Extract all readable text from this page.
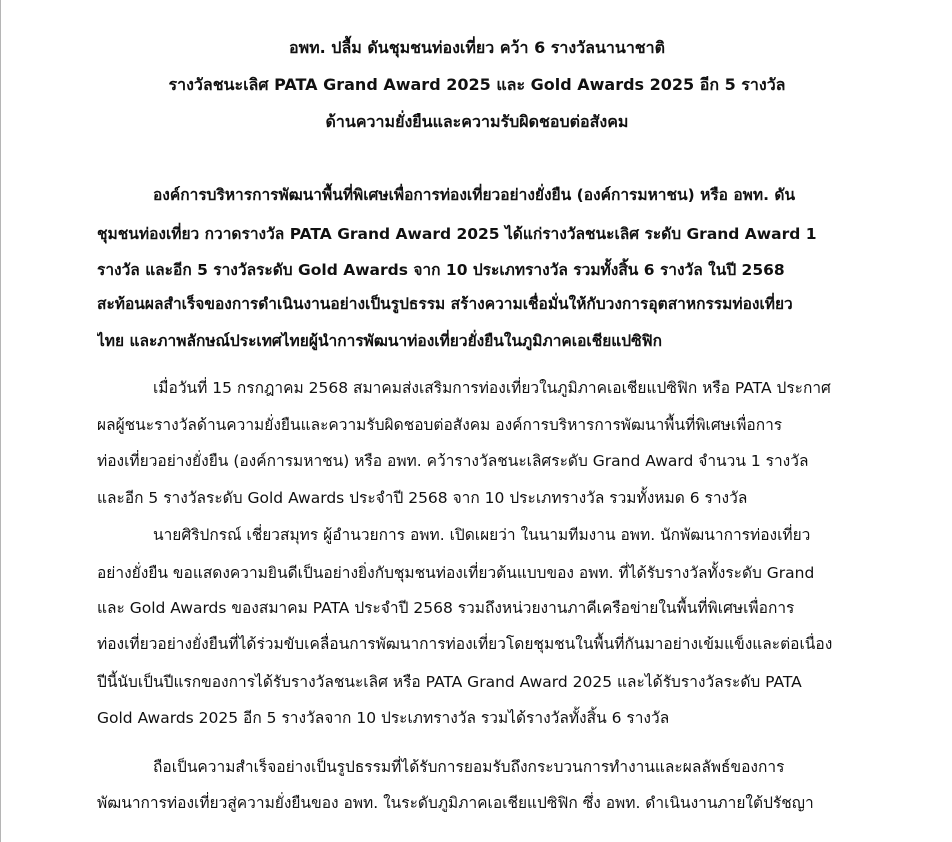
อพท. ปลื้ม ดันชุมชนท่องเที่ยว คว้า 6 รางวัลนานาชาติ
รางวัลชนะเลิศ PATA Grand Award 2025 และ Gold Awards 2025 อีก 5 รางวัล
ด้านความยั่งยืนและความรับผิดชอบต่อสังคม
องค์การบริหารการพัฒนาพื้นที่พิเศษเพื่อการท่องเที่ยวอย่างยั่งยืน (องค์การมหาชน) หรือ อพท. ดัน
ชุมชนท่องเที่ยว กวาดรางวัล PATA Grand Award 2025 ได้แก่รางวัลชนะเลิศ ระดับ Grand Award 1
รางวัล และอีก 5 รางวัลระดับ Gold Awards จาก 10 ประเภทรางวัล รวมทั้งสิ้น 6 รางวัล ในปี 2568
สะท้อนผลสำเร็จของการดำเนินงานอย่างเป็นรูปธรรม สร้างความเชื่อมั่นให้กับวงการอุตสาหกรรมท่องเที่ยว
ไทย และภาพลักษณ์ประเทศไทยผู้นำการพัฒนาท่องเที่ยวยั่งยืนในภูมิภาคเอเชียแปซิฟิก
เมื่อวันที่ 15 กรกฎาคม 2568 สมาคมส่งเสริมการท่องเที่ยวในภูมิภาคเอเชียแปซิฟิก หรือ PATA ประกาศ
ผลผู้ชนะรางวัลด้านความยั่งยืนและความรับผิดชอบต่อสังคม องค์การบริหารการพัฒนาพื้นที่พิเศษเพื่อการ
ท่องเที่ยวอย่างยั่งยืน (องค์การมหาชน) หรือ อพท. คว้ารางวัลชนะเลิศระดับ Grand Award จำนวน 1 รางวัล
และอีก 5 รางวัลระดับ Gold Awards ประจำปี 2568 จาก 10 ประเภทรางวัล รวมทั้งหมด 6 รางวัล
นายศิริปกรณ์ เชี่ยวสมุทร ผู้อำนวยการ อพท. เปิดเผยว่า ในนามทีมงาน อพท. นักพัฒนาการท่องเที่ยว
อย่างยั่งยืน ขอแสดงความยินดีเป็นอย่างยิ่งกับชุมชนท่องเที่ยวต้นแบบของ อพท. ที่ได้รับรางวัลทั้งระดับ Grand
และ Gold Awards ของสมาคม PATA ประจำปี 2568 รวมถึงหน่วยงานภาคีเครือข่ายในพื้นที่พิเศษเพื่อการ
ท่องเที่ยวอย่างยั่งยืนที่ได้ร่วมขับเคลื่อนการพัฒนาการท่องเที่ยวโดยชุมชนในพื้นที่กันมาอย่างเข้มแข็งและต่อเนื่อง
ปีนี้นับเป็นปีแรกของการได้รับรางวัลชนะเลิศ หรือ PATA Grand Award 2025 และได้รับรางวัลระดับ PATA
Gold Awards 2025 อีก 5 รางวัลจาก 10 ประเภทรางวัล รวมได้รางวัลทั้งสิ้น 6 รางวัล
ถือเป็นความสำเร็จอย่างเป็นรูปธรรมที่ได้รับการยอมรับถึงกระบวนการทำงานและผลลัพธ์ของการ
พัฒนาการท่องเที่ยวสู่ความยั่งยืนของ อพท. ในระดับภูมิภาคเอเชียแปซิฟิก ซึ่ง อพท. ดำเนินงานภายใต้ปรัชญา
